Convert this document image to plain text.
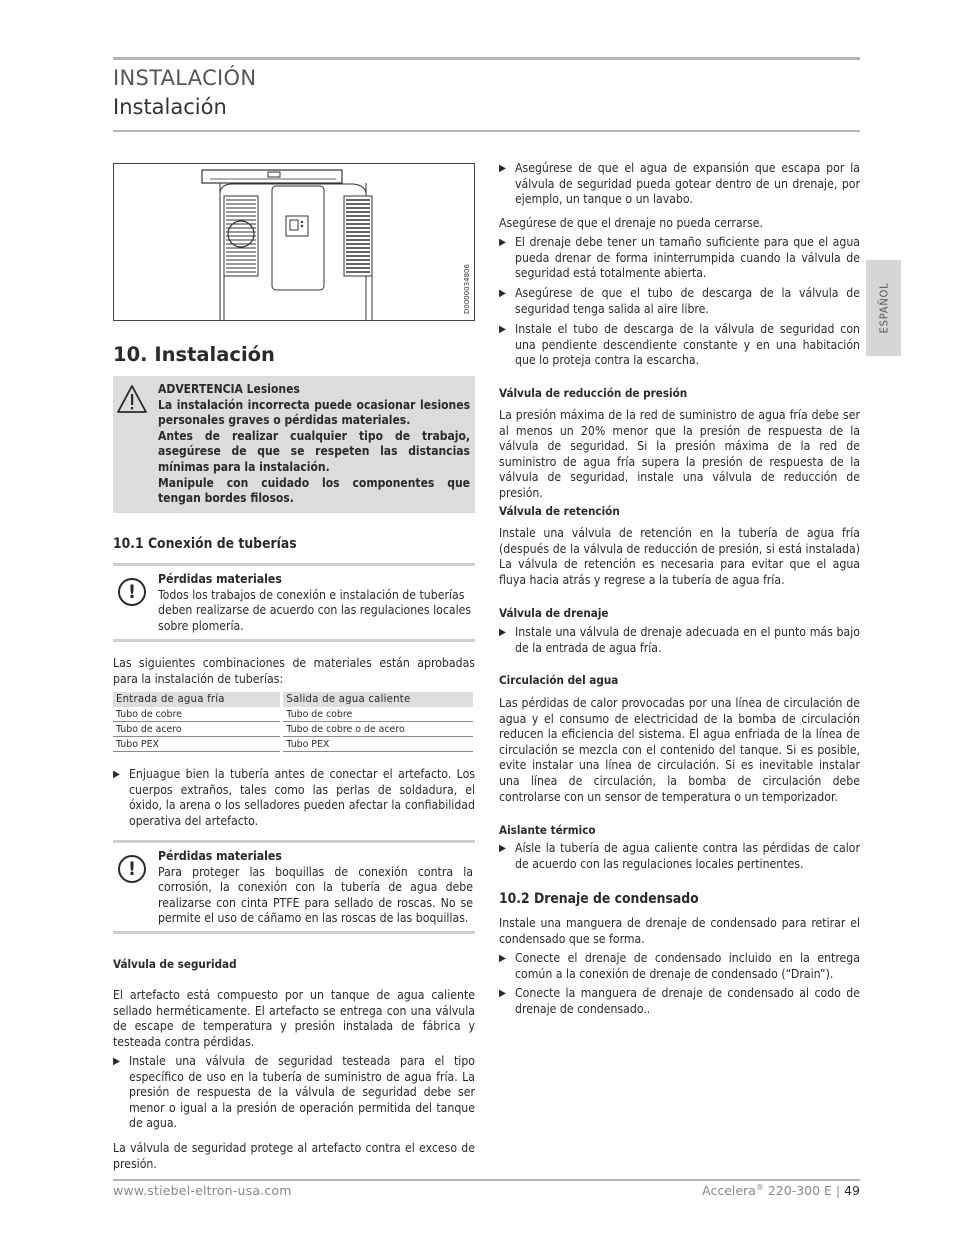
INSTALACIÓN
Instalación
ESPAÑOL
D0000034806
10. Instalación
ADVERTENCIA Lesiones
La instalación incorrecta puede ocasionar lesiones personales graves o pérdidas materiales.
Antes de realizar cualquier tipo de trabajo, asegúrese de que se respeten las distancias mínimas para la instalación.
Manipule con cuidado los componentes que tengan bordes filosos.
10.1 Conexión de tuberías
!
Pérdidas materiales
Todos los trabajos de conexión e instalación de tuberías deben realizarse de acuerdo con las regulaciones locales sobre plomería.
Las siguientes combinaciones de materiales están aprobadas para la instalación de tuberías:
Entrada de agua fría	Salida de agua caliente
Tubo de cobre	Tubo de cobre
Tubo de acero	Tubo de cobre o de acero
Tubo PEX	Tubo PEX
▶ Enjuague bien la tubería antes de conectar el artefacto. Los cuerpos extraños, tales como las perlas de soldadura, el óxido, la arena o los selladores pueden afectar la confiabilidad operativa del artefacto.
!
Pérdidas materiales
Para proteger las boquillas de conexión contra la corrosión, la conexión con la tubería de agua debe realizarse con cinta PTFE para sellado de roscas. No se permite el uso de cáñamo en las roscas de las boquillas.
Válvula de seguridad
El artefacto está compuesto por un tanque de agua caliente sellado herméticamente. El artefacto se entrega con una válvula de escape de temperatura y presión instalada de fábrica y testeada contra pérdidas.
▶ Instale una válvula de seguridad testeada para el tipo específico de uso en la tubería de suministro de agua fría. La presión de respuesta de la válvula de seguridad debe ser menor o igual a la presión de operación permitida del tanque de agua.
La válvula de seguridad protege al artefacto contra el exceso de presión.
▶ Asegúrese de que el agua de expansión que escapa por la válvula de seguridad pueda gotear dentro de un drenaje, por ejemplo, un tanque o un lavabo.
Asegúrese de que el drenaje no pueda cerrarse.
▶ El drenaje debe tener un tamaño suficiente para que el agua pueda drenar de forma ininterrumpida cuando la válvula de seguridad está totalmente abierta.
▶ Asegúrese de que el tubo de descarga de la válvula de seguridad tenga salida al aire libre.
▶ Instale el tubo de descarga de la válvula de seguridad con una pendiente descendiente constante y en una habitación que lo proteja contra la escarcha.
Válvula de reducción de presión
La presión máxima de la red de suministro de agua fría debe ser al menos un 20% menor que la presión de respuesta de la válvula de seguridad. Si la presión máxima de la red de suministro de agua fría supera la presión de respuesta de la válvula de seguridad, instale una válvula de reducción de presión.
Válvula de retención
Instale una válvula de retención en la tubería de agua fría (después de la válvula de reducción de presión, si está instalada) La válvula de retención es necesaria para evitar que el agua fluya hacia atrás y regrese a la tubería de agua fría.
Válvula de drenaje
▶ Instale una válvula de drenaje adecuada en el punto más bajo de la entrada de agua fría.
Circulación del agua
Las pérdidas de calor provocadas por una línea de circulación de agua y el consumo de electricidad de la bomba de circulación reducen la eficiencia del sistema. El agua enfriada de la línea de circulación se mezcla con el contenido del tanque. Si es posible, evite instalar una línea de circulación. Si es inevitable instalar una línea de circulación, la bomba de circulación debe controlarse con un sensor de temperatura o un temporizador.
Aislante térmico
▶ Aísle la tubería de agua caliente contra las pérdidas de calor de acuerdo con las regulaciones locales pertinentes.
10.2 Drenaje de condensado
Instale una manguera de drenaje de condensado para retirar el condensado que se forma.
▶ Conecte el drenaje de condensado incluido en la entrega común a la conexión de drenaje de condensado (“Drain”).
▶ Conecte la manguera de drenaje de condensado al codo de drenaje de condensado..
www.stiebel-eltron-usa.com	Accelera® 220-300 E | 49
